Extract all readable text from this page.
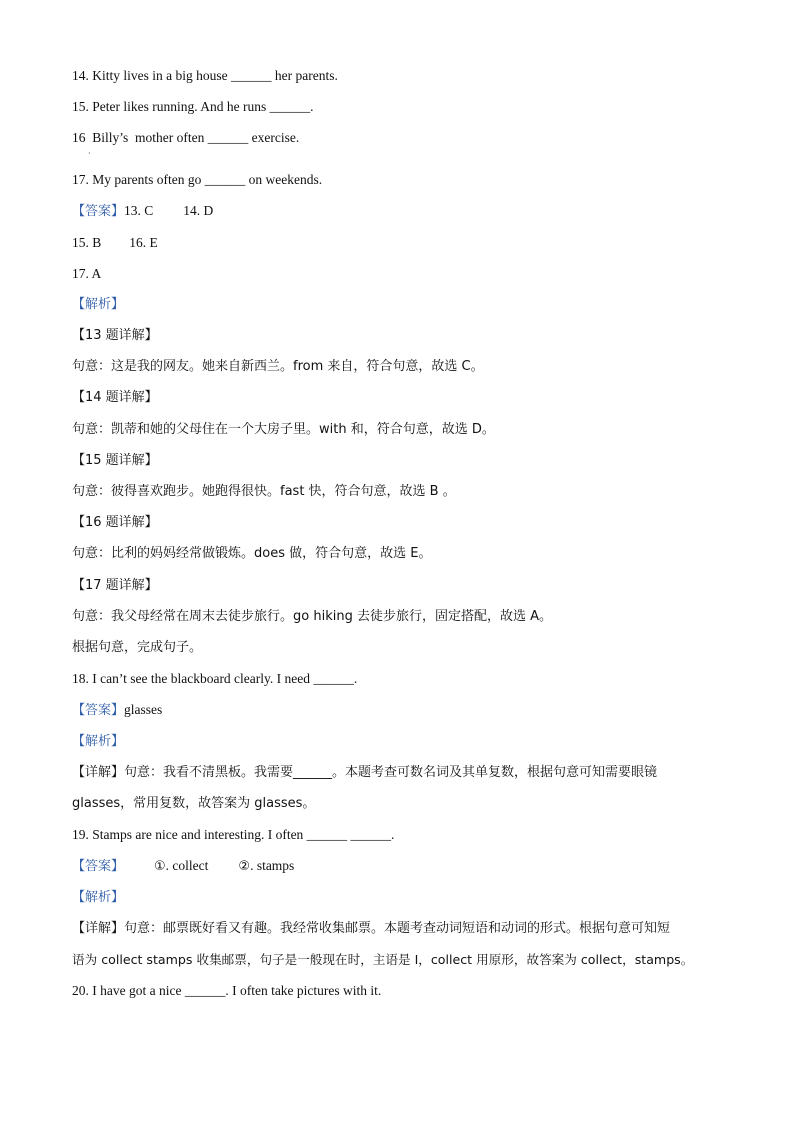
14. Kitty lives in a big house ______ her parents.
15. Peter likes running. And he runs ______.
16  Billy’s  mother often ______ exercise.
·
17. My parents often go ______ on weekends.
【答案】13. C 14. D
15. B 16. E
17. A
【解析】
【13 题详解】
句意：这是我的网友。她来自新西兰。from 来自，符合句意，故选 C。
【14 题详解】
句意：凯蒂和她的父母住在一个大房子里。with 和，符合句意，故选 D。
【15 题详解】
句意：彼得喜欢跑步。她跑得很快。fast 快，符合句意，故选 B 。
【16 题详解】
句意：比利的妈妈经常做锻炼。does 做，符合句意，故选 E。
【17 题详解】
句意：我父母经常在周末去徒步旅行。go hiking 去徒步旅行，固定搭配，故选 A。
根据句意，完成句子。
18. I can’t see the blackboard clearly. I need ______.
【答案】glasses
【解析】
【详解】句意：我看不清黑板。我需要______。本题考查可数名词及其单复数，根据句意可知需要眼镜
glasses，常用复数，故答案为 glasses。
19. Stamps are nice and interesting. I often ______ ______.
【答案】 ①. collect ②. stamps
【解析】
【详解】句意：邮票既好看又有趣。我经常收集邮票。本题考查动词短语和动词的形式。根据句意可知短
语为 collect stamps 收集邮票，句子是一般现在时，主语是 I，collect 用原形，故答案为 collect，stamps。
20. I have got a nice ______. I often take pictures with it.
